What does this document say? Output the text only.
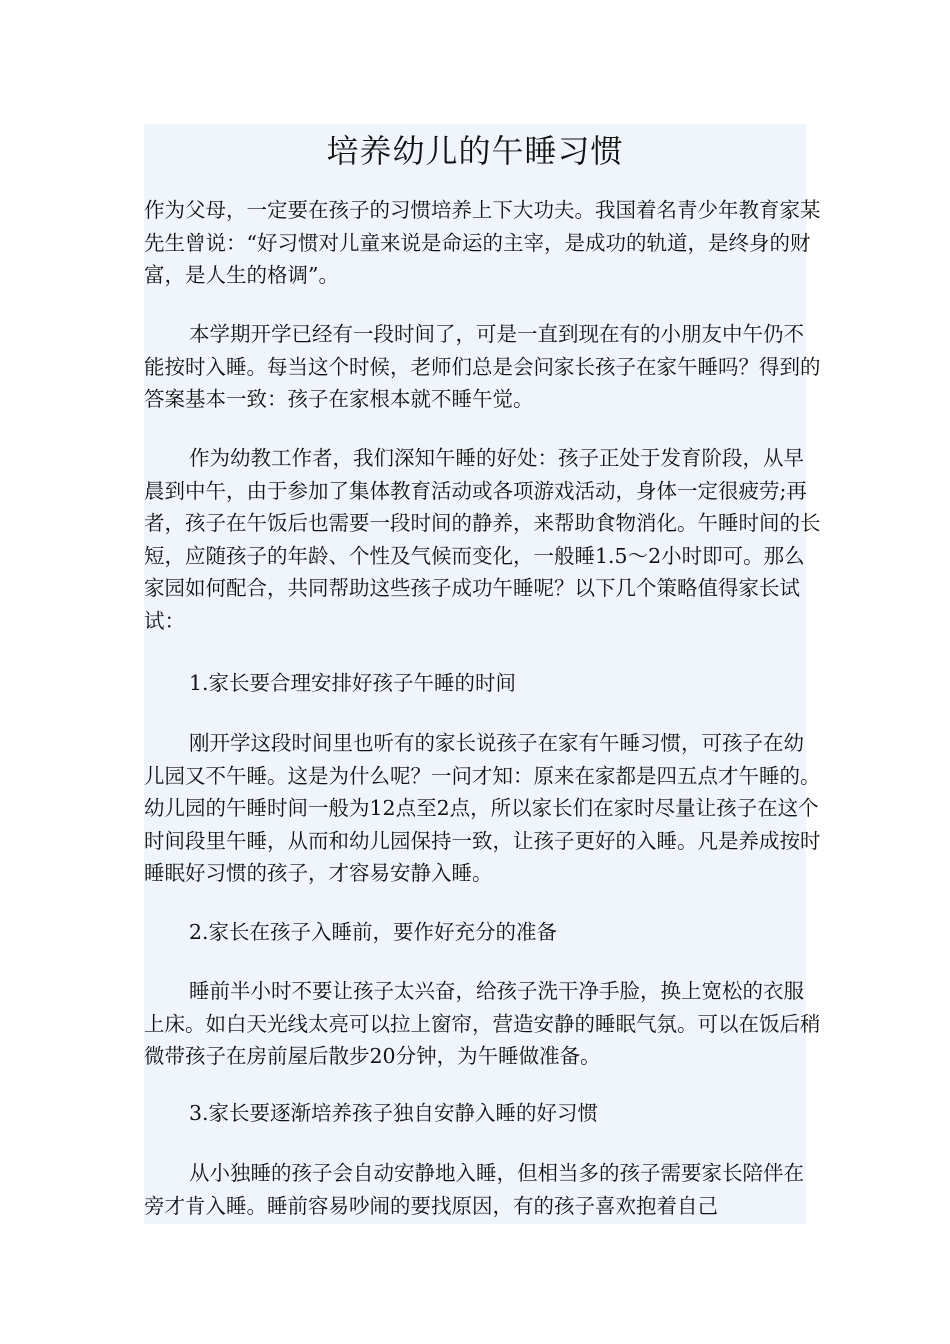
培养幼儿的午睡习惯

作为父母，一定要在孩子的习惯培养上下大功夫。我国着名青少年教育家某先生曾说：“好习惯对儿童来说是命运的主宰，是成功的轨道，是终身的财富，是人生的格调”。

本学期开学已经有一段时间了，可是一直到现在有的小朋友中午仍不能按时入睡。每当这个时候，老师们总是会问家长孩子在家午睡吗？得到的答案基本一致：孩子在家根本就不睡午觉。

作为幼教工作者，我们深知午睡的好处：孩子正处于发育阶段，从早晨到中午，由于参加了集体教育活动或各项游戏活动，身体一定很疲劳;再者，孩子在午饭后也需要一段时间的静养，来帮助食物消化。午睡时间的长短，应随孩子的年龄、个性及气候而变化，一般睡1.5～2小时即可。那么家园如何配合，共同帮助这些孩子成功午睡呢？以下几个策略值得家长试试：

1.家长要合理安排好孩子午睡的时间

刚开学这段时间里也听有的家长说孩子在家有午睡习惯，可孩子在幼儿园又不午睡。这是为什么呢？一问才知：原来在家都是四五点才午睡的。幼儿园的午睡时间一般为12点至2点，所以家长们在家时尽量让孩子在这个时间段里午睡，从而和幼儿园保持一致，让孩子更好的入睡。凡是养成按时睡眠好习惯的孩子，才容易安静入睡。

2.家长在孩子入睡前，要作好充分的准备

睡前半小时不要让孩子太兴奋，给孩子洗干净手脸，换上宽松的衣服上床。如白天光线太亮可以拉上窗帘，营造安静的睡眠气氛。可以在饭后稍微带孩子在房前屋后散步20分钟，为午睡做准备。

3.家长要逐渐培养孩子独自安静入睡的好习惯

从小独睡的孩子会自动安静地入睡，但相当多的孩子需要家长陪伴在旁才肯入睡。睡前容易吵闹的要找原因，有的孩子喜欢抱着自己
